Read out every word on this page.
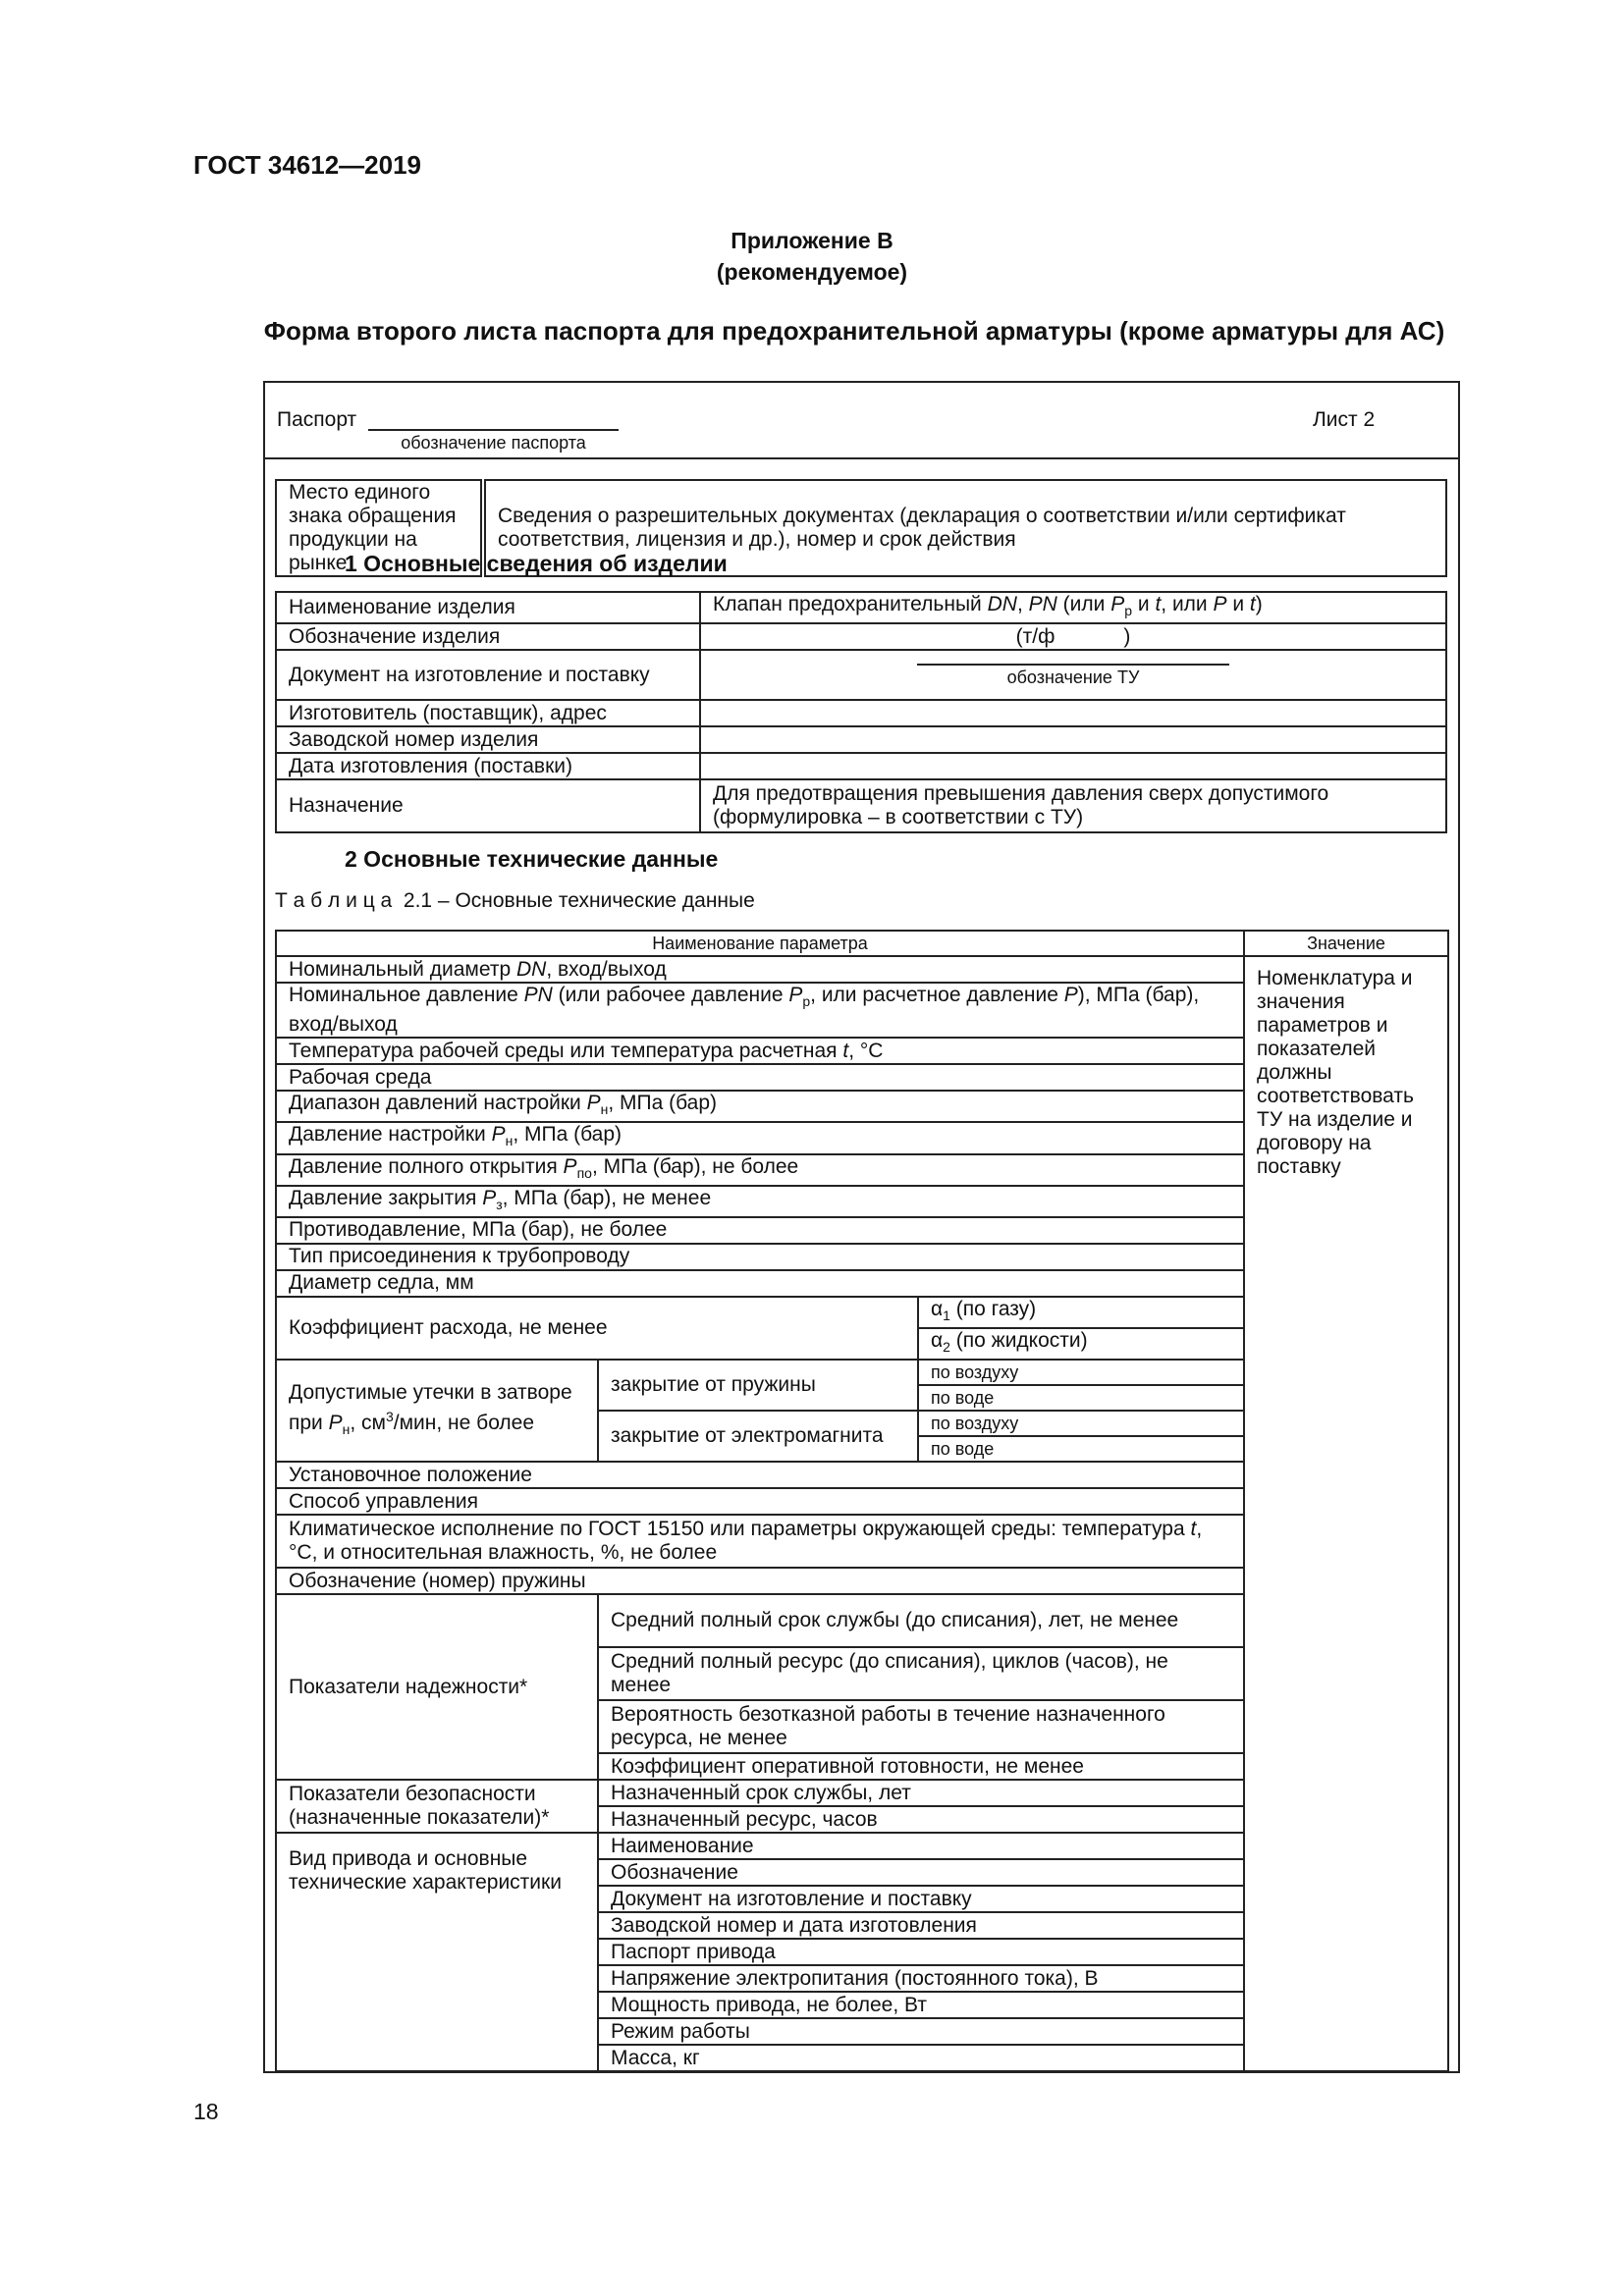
ГОСТ 34612—2019
Приложение В
(рекомендуемое)
Форма второго листа паспорта для предохранительной арматуры (кроме арматуры для АС)
Паспорт
обозначение паспорта
Лист 2
Место единого знака обращения продукции на рынке	Сведения о разрешительных документах (декларация о соответствии и/или сертификат соответствия, лицензия и др.), номер и срок действия
1 Основные сведения об изделии
Наименование изделия	Клапан предохранительный DN, PN (или $P_р$ и t, или P и t)
Обозначение изделия	(т/ф            )
Документ на изготовление и поставку	обозначение ТУ
Изготовитель (поставщик), адрес	
Заводской номер изделия	
Дата изготовления (поставки)	
Назначение	Для предотвращения превышения давления сверх допустимого (формулировка – в соответствии с ТУ)
2 Основные технические данные
Т а б л и ц а  2.1 – Основные технические данные
Наименование параметра			Значение
Номинальный диаметр DN, вход/выход			Номенклатура и значения параметров и показателей должны соответствовать ТУ на изделие и договору на поставку
Номинальное давление PN (или рабочее давление $P_р$, или расчетное давление P), МПа (бар), вход/выход			
Температура рабочей среды или температура расчетная t, °C			
Рабочая среда			
Диапазон давлений настройки $P_н$, МПа (бар)			
Давление настройки $P_н$, МПа (бар)			
Давление полного открытия $P_{по}$, МПа (бар), не более			
Давление закрытия $P_з$, МПа (бар), не менее			
Противодавление, МПа (бар), не более			
Тип присоединения к трубопроводу			
Диаметр седла, мм			
Коэффициент расхода, не менее		$\alpha_1$ (по газу)	
		$\alpha_2$ (по жидкости)	
Допустимые утечки в затворе при $P_н$, $см^3$/мин, не более	закрытие от пружины	по воздуху	
		по воде	
	закрытие от электромагнита	по воздуху	
		по воде	
Установочное положение			
Способ управления			
Климатическое исполнение по ГОСТ 15150 или параметры окружающей среды: температура t, °C, и относительная влажность, %, не более			
Обозначение (номер) пружины			
Показатели надежности*	Средний полный срок службы (до списания), лет, не менее		
	Средний полный ресурс (до списания), циклов (часов), не менее		
	Вероятность безотказной работы в течение назначенного ресурса, не менее		
	Коэффициент оперативной готовности, не менее		
Показатели безопасности (назначенные показатели)*	Назначенный срок службы, лет		
	Назначенный ресурс, часов		
Вид привода и основные технические характеристики	Наименование		
	Обозначение		
	Документ на изготовление и поставку		
	Заводской номер и дата изготовления		
	Паспорт привода		
	Напряжение электропитания (постоянного тока), В		
	Мощность привода, не более, Вт		
	Режим работы		
	Масса, кг		
18
